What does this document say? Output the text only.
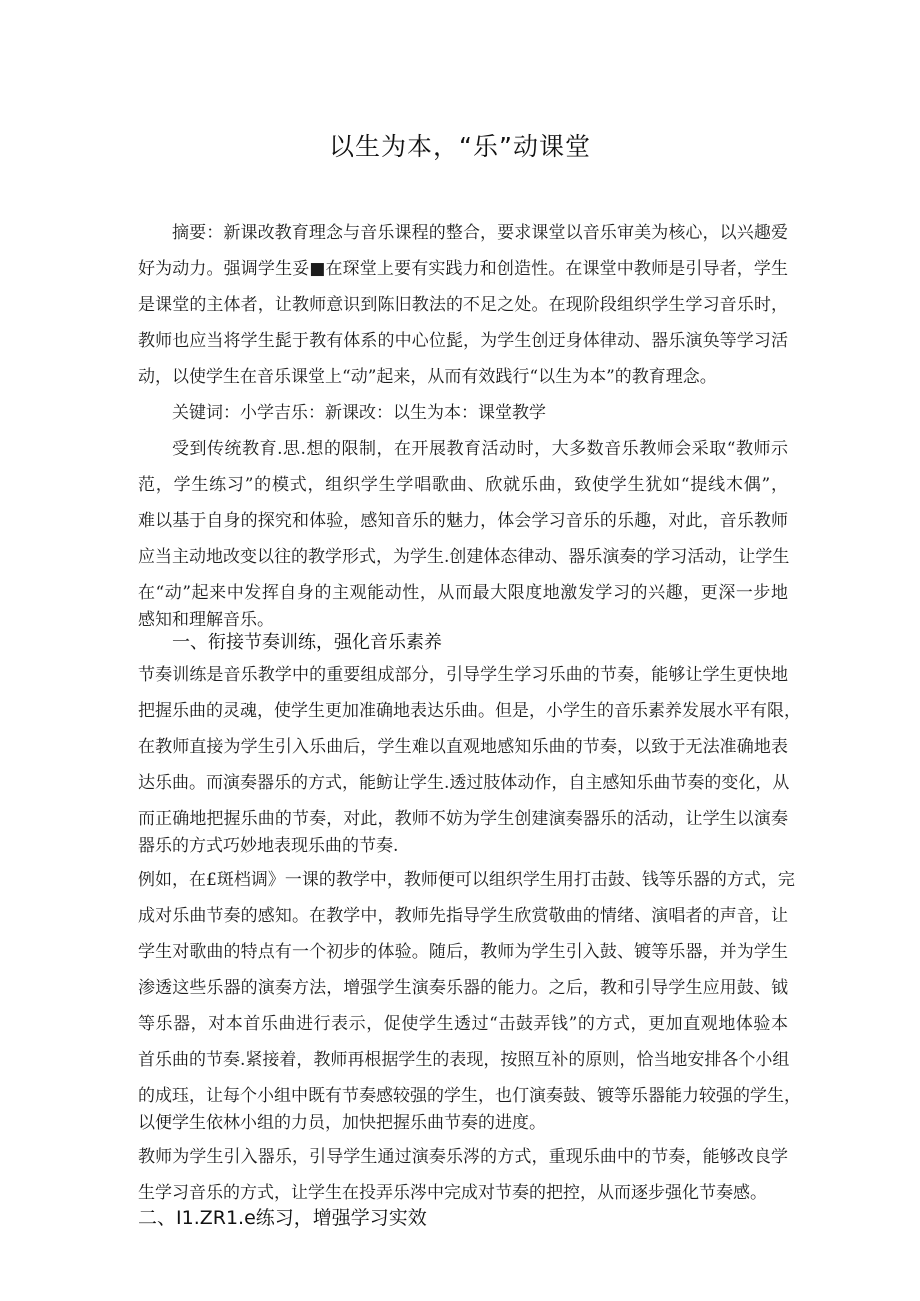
以生为本，“乐”动课堂
摘要：新课改教育理念与音乐课程的整合，要求课堂以音乐审美为核心，以兴趣爱
好为动力。强调学生妥■在琛堂上要有实践力和创造性。在课堂中教师是引导者，学生
是课堂的主体者，让教师意识到陈旧教法的不足之处。在现阶段组织学生学习音乐时，
教师也应当将学生髭于教有体系的中心位髭，为学生创迂身体律动、器乐演奂等学习活
动，以使学生在音乐课堂上“动”起来，从而有效践行“以生为本”的教育理念。
关键词：小学吉乐：新课改：以生为本：课堂教学
受到传统教育.思.想的限制，在开展教育活动时，大多数音乐教师会采取“教师示
范，学生练习”的模式，组织学生学唱歌曲、欣就乐曲，致使学生犹如“提线木偶”，
难以基于自身的探究和体验，感知音乐的魅力，体会学习音乐的乐趣，对此，音乐教师
应当主动地改变以往的教学形式，为学生.创建体态律动、器乐演奏的学习活动，让学生
在“动”起来中发挥自身的主观能动性，从而最大限度地激发学习的兴趣，更深一步地
感知和理解音乐。
一、衔接节奏训练，强化音乐素养
节奏训练是音乐教学中的重要组成部分，引导学生学习乐曲的节奏，能够让学生更快地
把握乐曲的灵魂，使学生更加准确地表达乐曲。但是，小学生的音乐素养发展水平有限，
在教师直接为学生引入乐曲后，学生难以直观地感知乐曲的节奏，以致于无法准确地表
达乐曲。而演奏器乐的方式，能鲂让学生.透过肢体动作，自主感知乐曲节奏的变化，从
而正确地把握乐曲的节奏，对此，教师不妨为学生创建演奏器乐的活动，让学生以演奏
器乐的方式巧妙地表现乐曲的节奏.
例如，在£斑档调》一课的教学中，教师便可以组织学生用打击鼓、钱等乐器的方式，完
成对乐曲节奏的感知。在教学中，教师先指导学生欣赏敬曲的情绪、演唱者的声音，让
学生对歌曲的特点有一个初步的体验。随后，教师为学生引入鼓、镀等乐器，并为学生
渗透这些乐器的演奏方法，增强学生演奏乐器的能力。之后，教和引导学生应用鼓、钺
等乐器，对本首乐曲进行表示，促使学生透过“击鼓弄钱”的方式，更加直观地体验本
首乐曲的节奏.紧接着，教师再根据学生的表现，按照互补的原则，恰当地安排各个小组
的成珏，让每个小组中既有节奏感较强的学生，也仃演奏鼓、镀等乐器能力较强的学生，
以便学生依林小组的力员，加快把握乐曲节奏的进度。
教师为学生引入器乐，引导学生通过演奏乐涔的方式，重现乐曲中的节奏，能够改良学
生学习音乐的方式，让学生在投弄乐涔中完成对节奏的把控，从而逐步强化节奏感。
二、I1.ZR1.e练习，增强学习实效
